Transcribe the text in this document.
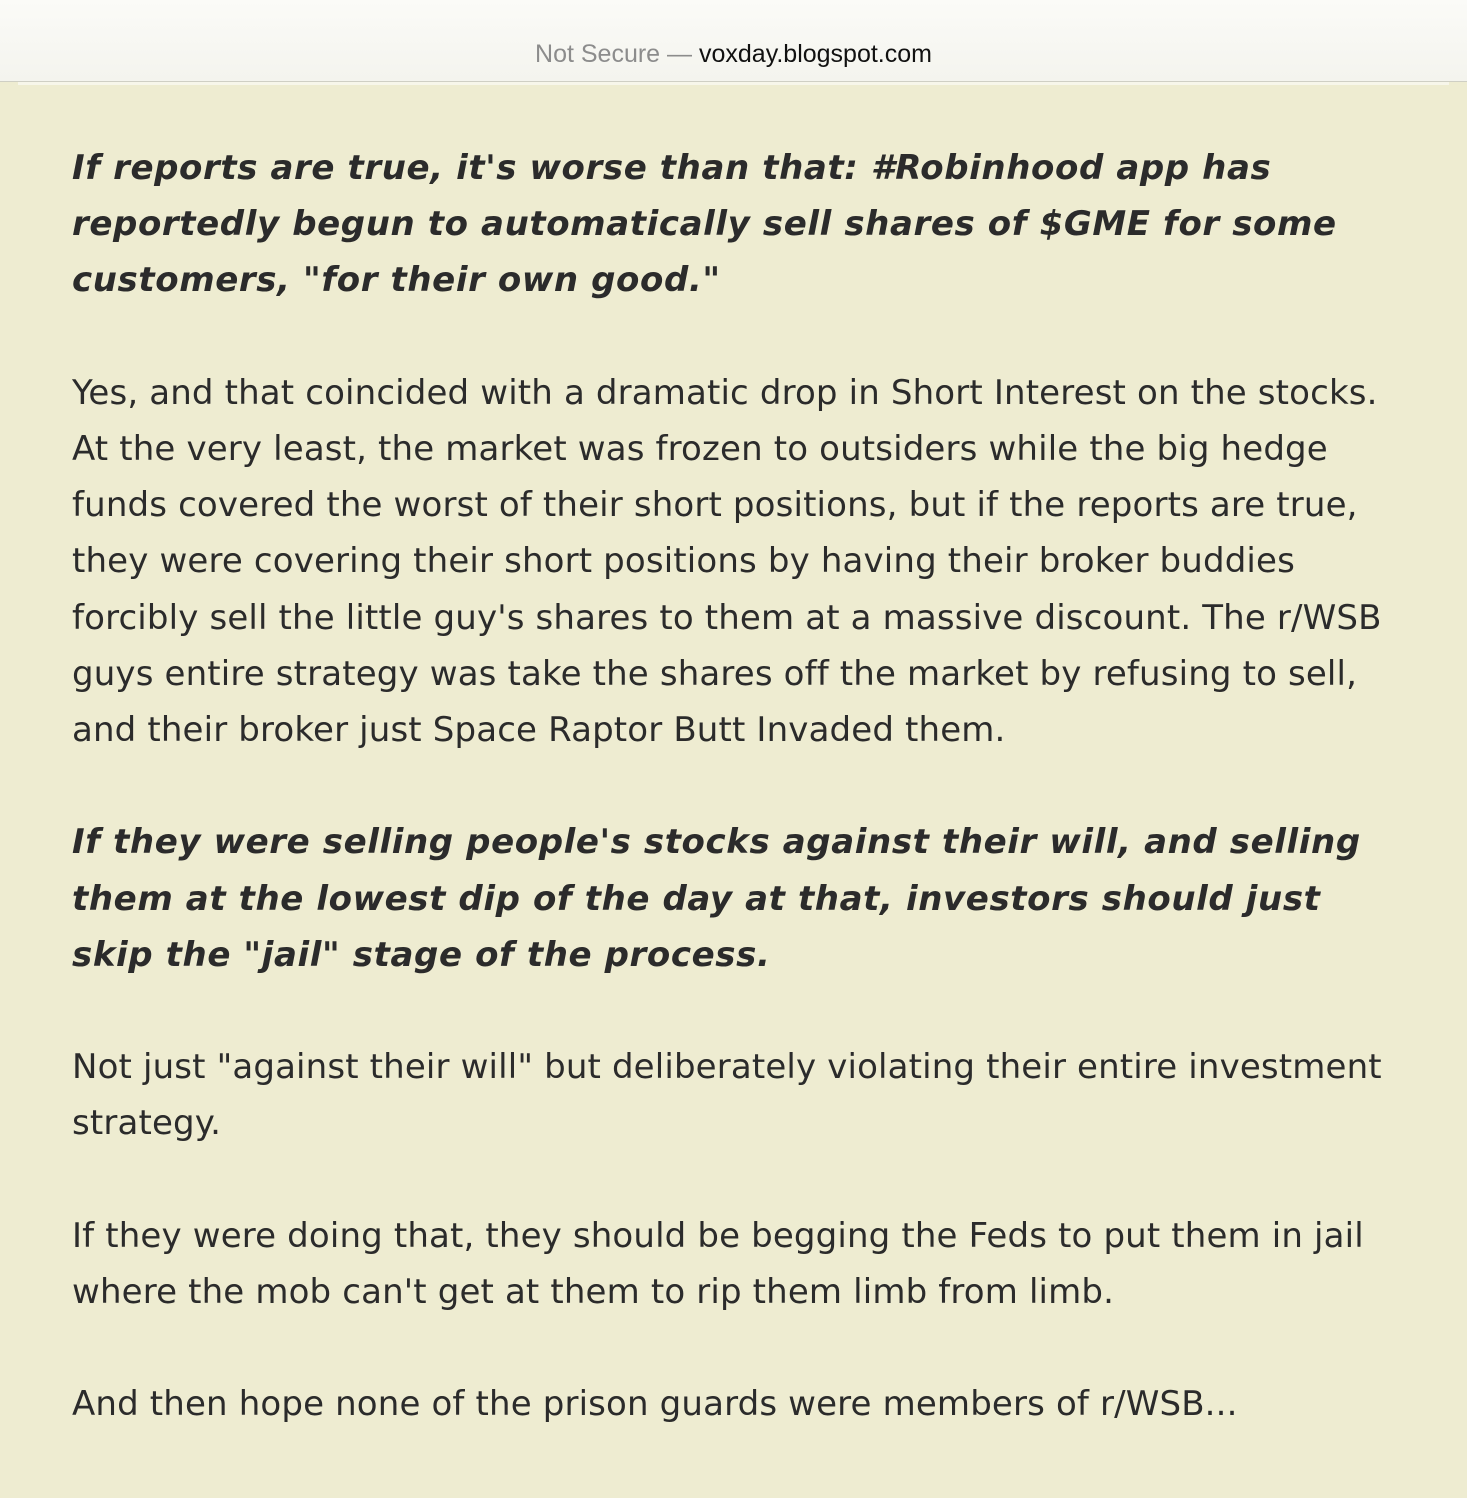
Not Secure — voxday.blogspot.com

If reports are true, it's worse than that: #Robinhood app has reportedly begun to automatically sell shares of $GME for some customers, "for their own good."

Yes, and that coincided with a dramatic drop in Short Interest on the stocks. At the very least, the market was frozen to outsiders while the big hedge funds covered the worst of their short positions, but if the reports are true, they were covering their short positions by having their broker buddies forcibly sell the little guy's shares to them at a massive discount. The r/WSB guys entire strategy was take the shares off the market by refusing to sell, and their broker just Space Raptor Butt Invaded them.

If they were selling people's stocks against their will, and selling them at the lowest dip of the day at that, investors should just skip the "jail" stage of the process.

Not just "against their will" but deliberately violating their entire investment strategy.

If they were doing that, they should be begging the Feds to put them in jail where the mob can't get at them to rip them limb from limb.

And then hope none of the prison guards were members of r/WSB...
